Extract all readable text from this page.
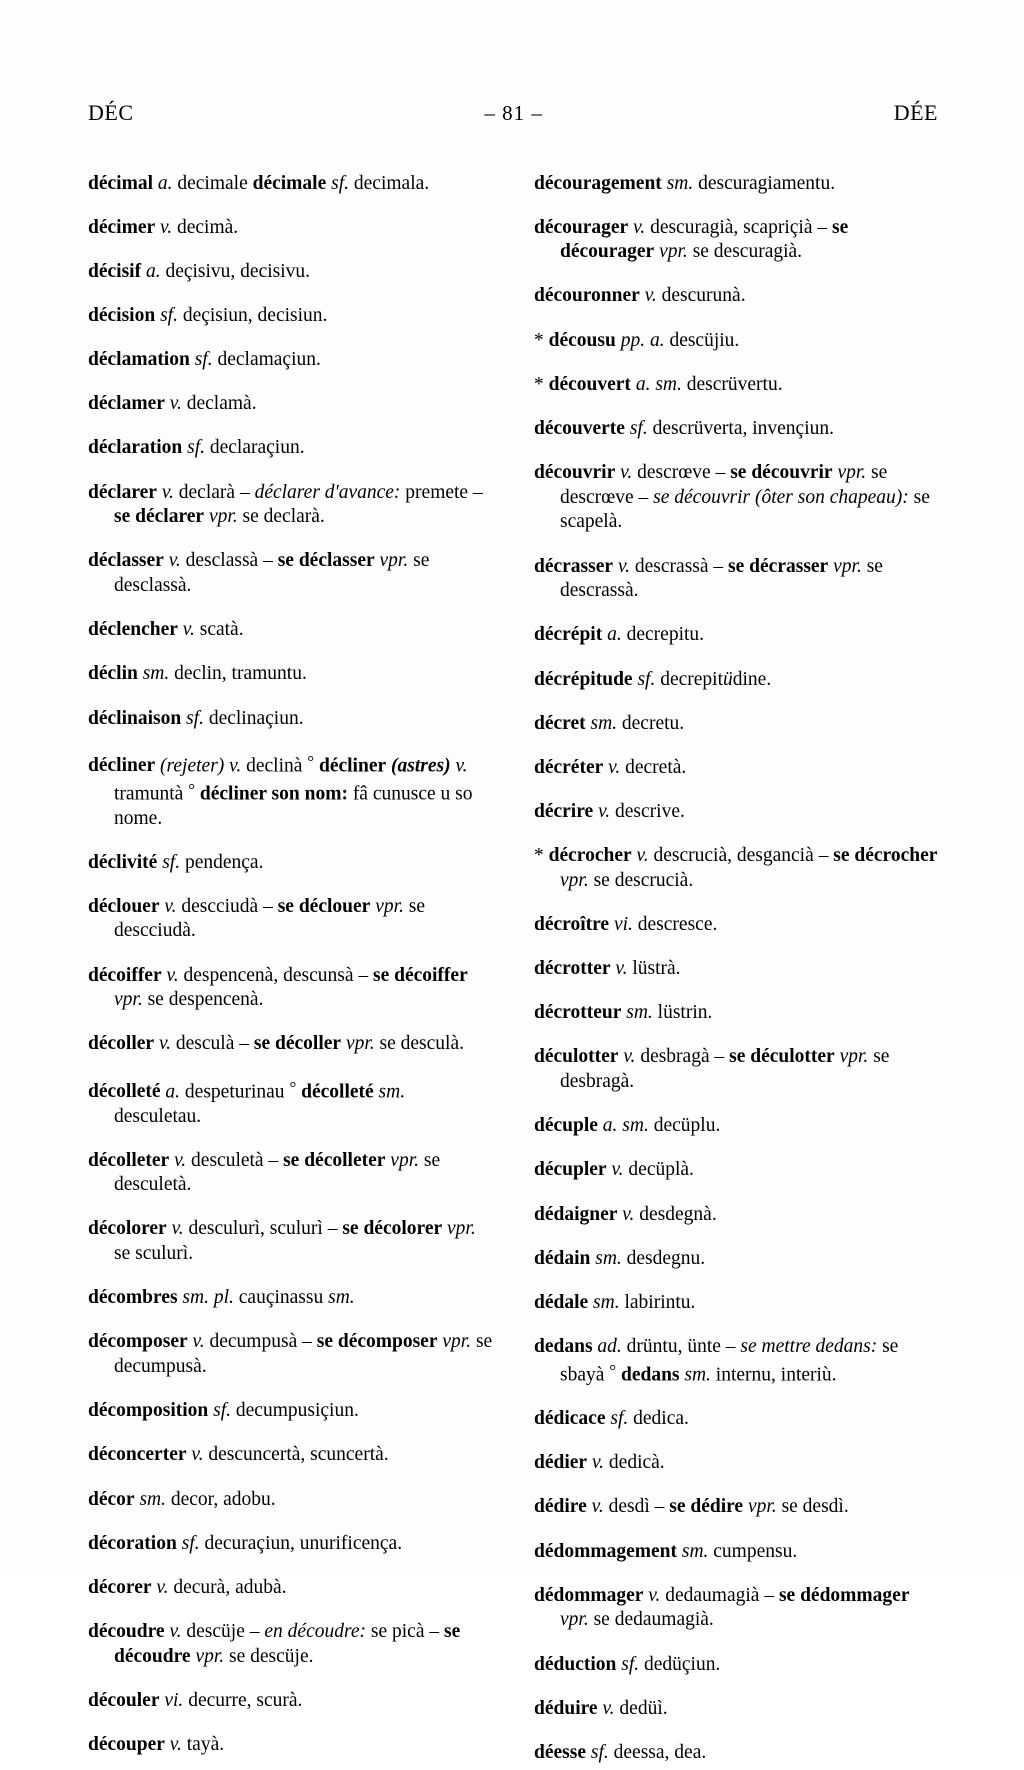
DÉC	– 81 –	DÉE

décimal a. decimale décimale sf. decimala.

décimer v. decimà.

décisif a. deçisivu, decisivu.

décision sf. deçisiun, decisiun.

déclamation sf. declamaçiun.

déclamer v. declamà.

déclaration sf. declaraçiun.

déclarer v. declarà – déclarer d'avance: premete – se déclarer vpr. se declarà.

déclasser v. desclassà – se déclasser vpr. se desclassà.

déclencher v. scatà.

déclin sm. declin, tramuntu.

déclinaison sf. declinaçiun.

décliner (rejeter) v. declinà ° décliner (astres) v. tramuntà ° décliner son nom: fâ cunusce u so nome.

déclivité sf. pendença.

déclouer v. descciudà – se déclouer vpr. se descciudà.

décoiffer v. despencenà, descunsà – se décoiffer vpr. se despencenà.

décoller v. desculà – se décoller vpr. se desculà.

décolleté a. despeturinau ° décolleté sm. desculetau.

décolleter v. desculetà – se décolleter vpr. se desculetà.

décolorer v. desculurì, sculurì – se décolorer vpr. se sculurì.

décombres sm. pl. cauçinassu sm.

décomposer v. decumpusà – se décomposer vpr. se decumpusà.

décomposition sf. decumpusiçiun.

déconcerter v. descuncertà, scuncertà.

décor sm. decor, adobu.

décoration sf. decuraçiun, unurificença.

décorer v. decurà, adubà.

découdre v. descüje – en découdre: se picà – se découdre vpr. se descüje.

découler vi. decurre, scurà.

découper v. tayà.

découragement sm. descuragiamentu.

décourager v. descuragià, scapriçià – se décourager vpr. se descuragià.

découronner v. descurunà.

* décousu pp. a. descüjiu.

* découvert a. sm. descrüvertu.

découverte sf. descrüverta, invençiun.

découvrir v. descrœve – se découvrir vpr. se descrœve – se découvrir (ôter son chapeau): se scapelà.

décrasser v. descrassà – se décrasser vpr. se descrassà.

décrépit a. decrepitu.

décrépitude sf. decrepitüdine.

décret sm. decretu.

décréter v. decretà.

décrire v. descrive.

* décrocher v. descrucià, desgancià – se décrocher vpr. se descrucià.

décroître vi. descresce.

décrotter v. lüstrà.

décrotteur sm. lüstrin.

déculotter v. desbragà – se déculotter vpr. se desbragà.

décuple a. sm. decüplu.

décupler v. decüplà.

dédaigner v. desdegnà.

dédain sm. desdegnu.

dédale sm. labirintu.

dedans ad. drüntu, ünte – se mettre dedans: se sbayà ° dedans sm. internu, interiù.

dédicace sf. dedica.

dédier v. dedicà.

dédire v. desdì – se dédire vpr. se desdì.

dédommagement sm. cumpensu.

dédommager v. dedaumagià – se dédommager vpr. se dedaumagià.

déduction sf. dedüçiun.

déduire v. dedüì.

déesse sf. deessa, dea.
